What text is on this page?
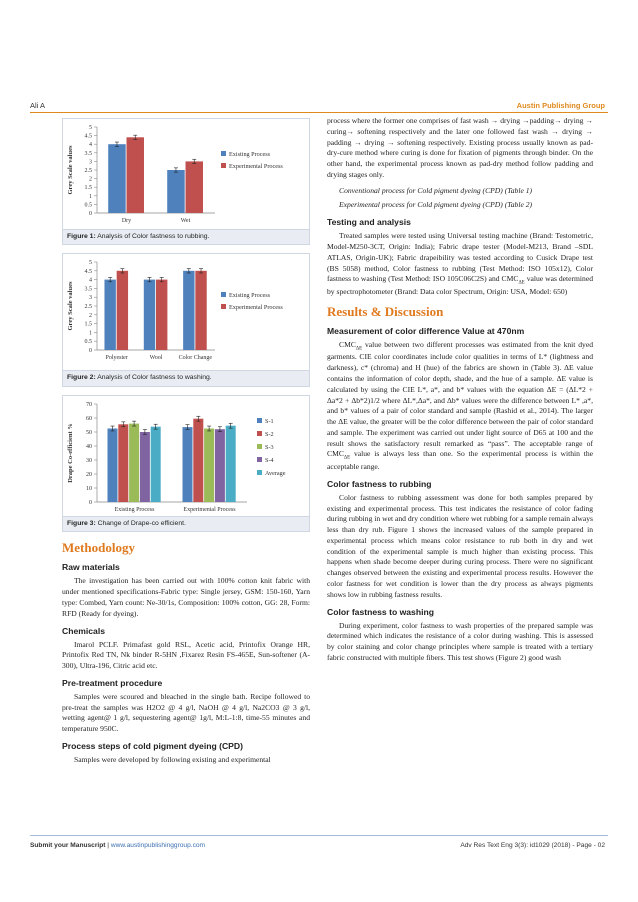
Ali A	Austin Publishing Group
Grey Scale values
0
0.5
1
1.5
2
2.5
3
3.5
4
4.5
5
Dry	Wet
Existing Process
Experimental Process
Figure 1: Analysis of Color fastness to rubbing.
Grey Scale values
0
0.5
1
1.5
2
2.5
3
3.5
4
4.5
5
Polyester	Wool	Color Change
Existing Process
Experimental Process
Figure 2: Analysis of Color fastness to washing.
Drape Co-efficient %
0
10
20
30
40
50
60
70
Existing Process	Experimental Process
S-1
S-2
S-3
S-4
Average
Figure 3: Change of Drape-co efficient.
Methodology
Raw materials

The investigation has been carried out with 100% cotton knit fabric with under mentioned specifications-Fabric type: Single jersey, GSM: 150-160, Yarn type: Combed, Yarn count: Ne-30/1s, Composition: 100% cotton, GG: 28, Form: RFD (Ready for dyeing).

Chemicals

Imarol PCLF. Primafast gold RSL, Acetic acid, Printofix Orange HR, Printofix Red TN, Nk binder R-5HN ,Fixarez Resin FS-465E, Sun-softener (A-300), Ultra-196, Citric acid etc.

Pre-treatment procedure

Samples were scoured and bleached in the single bath. Recipe followed to pre-treat the samples was H2O2 @ 4 g/l, NaOH @ 4 g/l, Na2CO3 @ 3 g/l, wetting agent@ 1 g/l, sequestering agent@ 1g/l, M:L-1:8, time-55 minutes and temperature 950C.

Process steps of cold pigment dyeing (CPD)

Samples were developed by following existing and experimental

process where the former one comprises of fast wash → drying →padding→ drying → curing→ softening respectively and the later one followed fast wash → drying → padding → drying → softening respectively. Existing process usually known as pad-dry-cure method where curing is done for fixation of pigments through binder. On the other hand, the experimental process known as pad-dry method follow padding and drying stages only.

Conventional process for Cold pigment dyeing (CPD) (Table 1)

Experimental process for Cold pigment dyeing (CPD) (Table 2)

Testing and analysis

Treated samples were tested using Universal testing machine (Brand: Testometric, Model-M250-3CT, Origin: India); Fabric drape tester (Model-M213, Brand –SDL ATLAS, Origin-UK); Fabric drapeibility was tested according to Cusick Drape test (BS 5058) method, Color fastness to rubbing (Test Method: ISO 105x12), Color fastness to washing (Test Method: ISO 105C06C2S) and $CMC_{\Delta E}$ value was determined by spectrophotometer (Brand: Data color Spectrum, Origin: USA, Model: 650)

Results & Discussion
Measurement of color difference Value at 470nm

$CMC_{\Delta E}$ value between two different processes was estimated from the knit dyed garments. CIE color coordinates include color qualities in terms of L* (lightness and darkness), c* (chroma) and H (hue) of the fabrics are shown in (Table 3). ΔE value contains the information of color depth, shade, and the hue of a sample. ΔE value is calculated by using the CIE L*, a*, and b* values with the equation ΔE = (ΔL*2 + Δa*2 + Δb*2)1/2 where ΔL*,Δa*, and Δb* values were the difference between L* ,a*, and b* values of a pair of color standard and sample (Rashid et al., 2014). The larger the ΔE value, the greater will be the color difference between the pair of color standard and sample. The experiment was carried out under light source of D65 at 100 and the result shows the satisfactory result remarked as “pass”. The acceptable range of $CMC_{\Delta E}$ value is always less than one. So the experimental process is within the acceptable range.

Color fastness to rubbing

Color fastness to rubbing assessment was done for both samples prepared by existing and experimental process. This test indicates the resistance of color fading during rubbing in wet and dry condition where wet rubbing for a sample remain always less than dry rub. Figure 1 shows the increased values of the sample prepared in experimental process which means color resistance to rub both in dry and wet condition of the experimental sample is much higher than existing process. This happens when shade become deeper during curing process. There were no significant changes observed between the existing and experimental process results. However the color fastness for wet condition is lower than the dry process as always pigments shows low in rubbing fastness results.

Color fastness to washing

During experiment, color fastness to wash properties of the prepared sample was determined which indicates the resistance of a color during washing. This is assessed by color staining and color change principles where sample is treated with a tertiary fabric constructed with multiple fibers. This test shows (Figure 2) good wash

Submit your Manuscript | www.austinpublishinggroup.com	Adv Res Text Eng 3(3): id1029 (2018) - Page - 02
